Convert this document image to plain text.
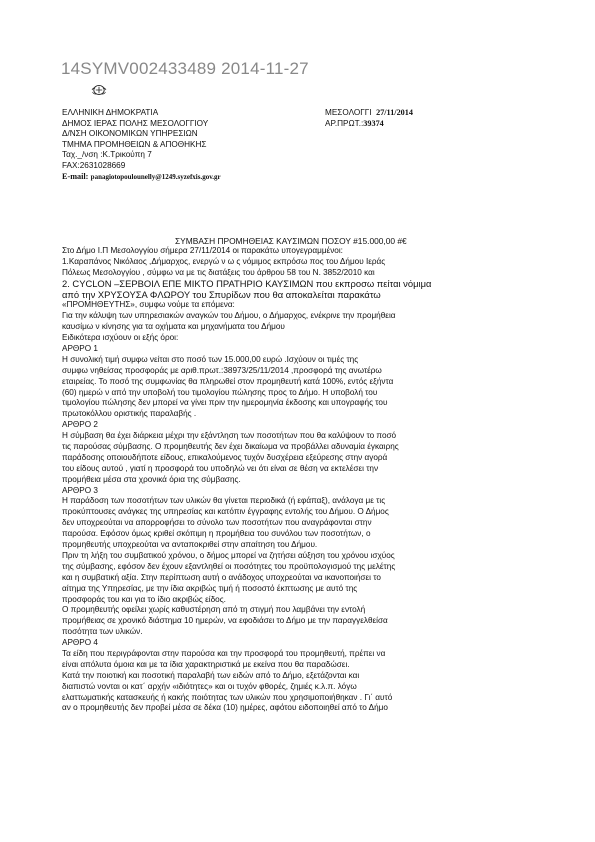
14SYMV002433489 2014-11-27
ΕΛΛΗΝΙΚΗ ΔΗΜΟΚΡΑΤΙΑ
ΔΗΜΟΣ ΙΕΡΑΣ ΠΟΛΗΣ ΜΕΣΟΛΟΓΓΙΟΥ
Δ/ΝΣΗ ΟΙΚΟΝΟΜΙΚΩΝ ΥΠΗΡΕΣΙΩΝ
ΤΜΗΜΑ ΠΡΟΜΗΘΕΙΩΝ & ΑΠΟΘΗΚΗΣ
Ταχ._/νση :Κ.Τρικούπη 7
FAX:2631028669
E-mail: panagiotopoulounelly@1249.syzefxis.gov.gr
ΜΕΣΟΛΟΓΓΙ 27/11/2014
ΑΡ.ΠΡΩΤ.:39374
ΣΥΜΒΑΣΗ ΠΡΟΜΗΘΕΙΑΣ ΚΑΥΣΙΜΩΝ ΠΟΣΟΥ #15.000,00 #€
Στο Δήμο Ι.Π Μεσολογγίου σήμερα 27/11/2014 οι παρακάτω υπογεγραμμένοι:
1.Καραπάνος Νικόλαος ,Δήμαρχος, ενεργώ ν ω ς νόμιμος εκπρόσω πος του Δήμου Ιεράς
Πόλεως Μεσολογγίου , σύμφω να με τις διατάξεις του άρθρου 58 του Ν. 3852/2010 και
2. CYCLON –ΣΕΡΒΟΙΛ ΕΠΕ ΜΙΚΤΟ ΠΡΑΤΗΡΙΟ ΚΑΥΣΙΜΩΝ που εκπροσω πείται νόμιμα
από την ΧΡΥΣΟΥΣΑ ΦΛΩΡΟΥ του Σπυρίδων που θα αποκαλείται παρακάτω
«ΠΡΟΜΗΘΕΥΤΗΣ», συμφω νούμε τα επόμενα:
Για την κάλυψη των υπηρεσιακών αναγκών του Δήμου, ο Δήμαρχος, ενέκρινε την προμήθεια
καυσίμω ν κίνησης για τα οχήματα και μηχανήματα του Δήμου
Ειδικότερα ισχύουν οι εξής όροι:
ΑΡΘΡΟ 1
Η συνολική τιμή συμφω νείται στο ποσό των 15.000,00 ευρώ .Ισχύουν οι τιμές της
συμφω νηθείσας προσφοράς με αριθ.πρωτ.:38973/25/11/2014 ,προσφορά της ανωτέρω
εταιρείας. Το ποσό της συμφωνίας θα πληρωθεί στον προμηθευτή κατά 100%, εντός εξήντα
(60) ημερώ ν από την υποβολή του τιμολογίου πώλησης προς το Δήμο. Η υποβολή του
τιμολογίου πώλησης δεν μπορεί να γίνει πριν την ημερομηνία έκδοσης και υπογραφής του
πρωτοκόλλου οριστικής παραλαβής .
ΑΡΘΡΟ 2
Η σύμβαση θα έχει διάρκεια μέχρι την εξάντληση των ποσοτήτων που θα καλύψουν το ποσό
τις παρούσας σύμβασης. Ο προμηθευτής δεν έχει δικαίωμα να προβάλλει αδυναμία έγκαιρης
παράδοσης οποιουδήποτε είδους, επικαλούμενος τυχόν δυσχέρεια εξεύρεσης στην αγορά
του είδους αυτού , γιατί η προσφορά του υποδηλώ νει ότι είναι σε θέση να εκτελέσει την
προμήθεια μέσα στα χρονικά όρια της σύμβασης.
ΑΡΘΡΟ 3
Η παράδοση των ποσοτήτων των υλικών θα γίνεται περιοδικά (ή εφάπαξ), ανάλογα με τις
προκύπτουσες ανάγκες της υπηρεσίας και κατόπιν έγγραφης εντολής του Δήμου. Ο Δήμος
δεν υποχρεούται να απορροφήσει το σύνολο των ποσοτήτων που αναγράφονται στην
παρούσα. Εφόσον όμως κριθεί σκόπιμη η προμήθεια του συνόλου των ποσοτήτων, ο
προμηθευτής υποχρεούται να ανταποκριθεί στην απαίτηση του Δήμου.
Πριν τη λήξη του συμβατικού χρόνου, ο δήμος μπορεί να ζητήσει αύξηση του χρόνου ισχύος
της σύμβασης, εφόσον δεν έχουν εξαντληθεί οι ποσότητες του προϋπολογισμού της μελέτης
και η συμβατική αξία. Στην περίπτωση αυτή ο ανάδοχος υποχρεούται να ικανοποιήσει το
αίτημα της Υπηρεσίας, με την ίδια ακριβώς τιμή ή ποσοστό έκπτωσης με αυτό της
προσφοράς του και για το ίδιο ακριβώς είδος.
Ο προμηθευτής οφείλει χωρίς καθυστέρηση από τη στιγμή που λαμβάνει την εντολή
προμήθειας σε χρονικό διάστημα 10 ημερών, να εφοδιάσει το Δήμο με την παραγγελθείσα
ποσότητα των υλικών.
ΑΡΘΡΟ 4
Τα είδη που περιγράφονται στην παρούσα και την προσφορά του προμηθευτή, πρέπει να
είναι απόλυτα όμοια και με τα ίδια χαρακτηριστικά με εκείνα που θα παραδώσει.
Κατά την ποιοτική και ποσοτική παραλαβή των ειδών από το Δήμο, εξετάζονται και
διαπιστώ νονται οι κατ΄ αρχήν «ιδιότητες» και οι τυχόν φθορές, ζημιές κ.λ.π. λόγω
ελαττωματικής κατασκευής ή κακής ποιότητας των υλικών που χρησιμοποιήθηκαν . Γι΄ αυτό
αν ο προμηθευτής δεν προβεί μέσα σε δέκα (10) ημέρες, αφότου ειδοποιηθεί από το Δήμο
